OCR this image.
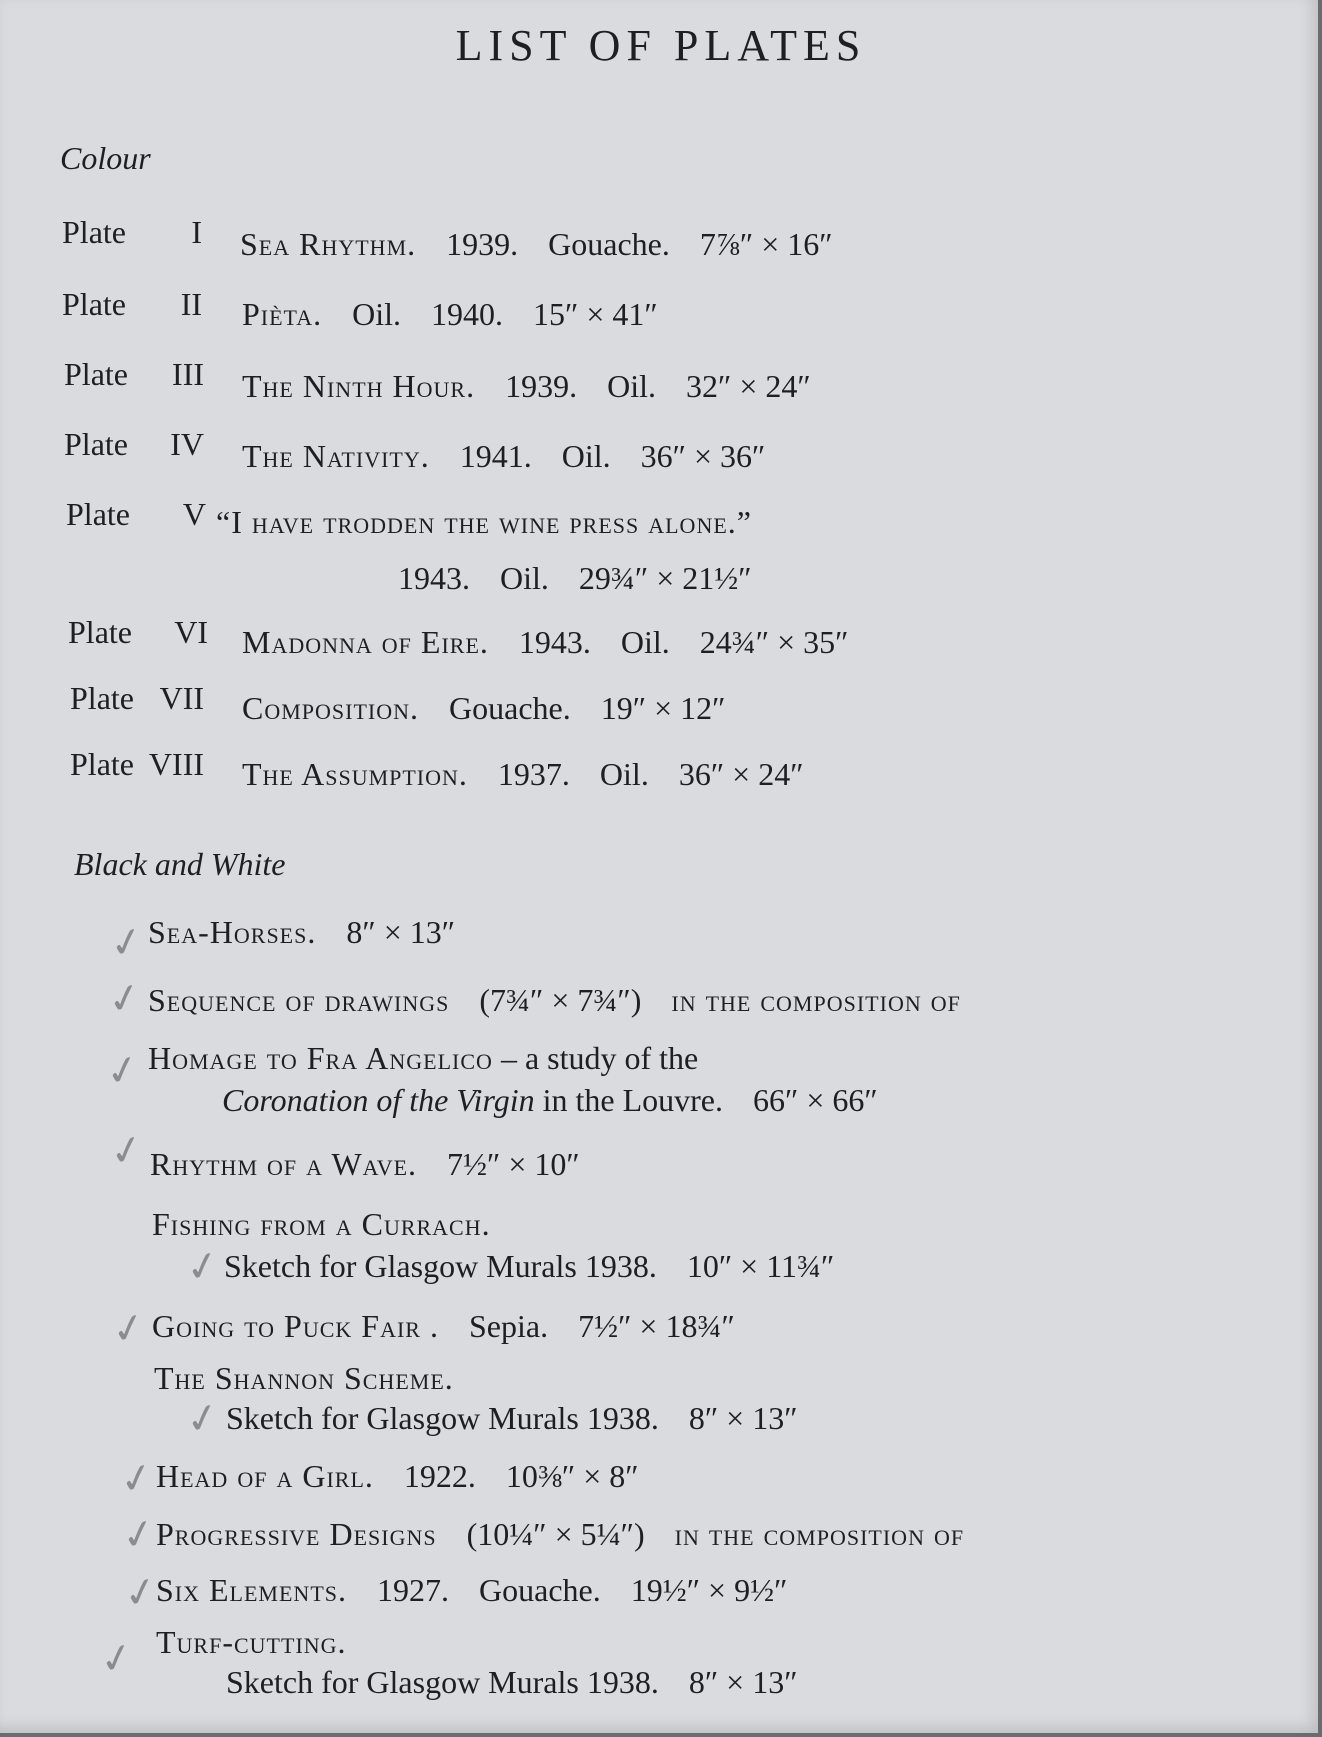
LIST OF PLATES
Colour
Plate I Sea Rhythm. 1939. Gouache. 7⅞″ × 16″
Plate II Pièta. Oil. 1940. 15″ × 41″
Plate III The Ninth Hour. 1939. Oil. 32″ × 24″
Plate IV The Nativity. 1941. Oil. 36″ × 36″
Plate V “I have trodden the wine press alone.”
1943. Oil. 29¾″ × 21½″
Plate VI Madonna of Eire. 1943. Oil. 24¾″ × 35″
Plate VII Composition. Gouache. 19″ × 12″
Plate VIII The Assumption. 1937. Oil. 36″ × 24″
Black and White
✓ Sea-Horses. 8″ × 13″
✓ Sequence of drawings (7¾″ × 7¾″) in the composition of
✓ Homage to Fra Angelico – a study of the
Coronation of the Virgin in the Louvre. 66″ × 66″
✓ Rhythm of a Wave. 7½″ × 10″
Fishing from a Currach.
✓ Sketch for Glasgow Murals 1938. 10″ × 11¾″
✓ Going to Puck Fair . Sepia. 7½″ × 18¾″
The Shannon Scheme.
✓ Sketch for Glasgow Murals 1938. 8″ × 13″
✓
Head of a Girl. 1922. 10⅜″ × 8″
✓
Progressive Designs (10¼″ × 5¼″) in the composition of
✓
Six Elements. 1927. Gouache. 19½″ × 9½″
✓ Turf-cutting.
Sketch for Glasgow Murals 1938. 8″ × 13″
